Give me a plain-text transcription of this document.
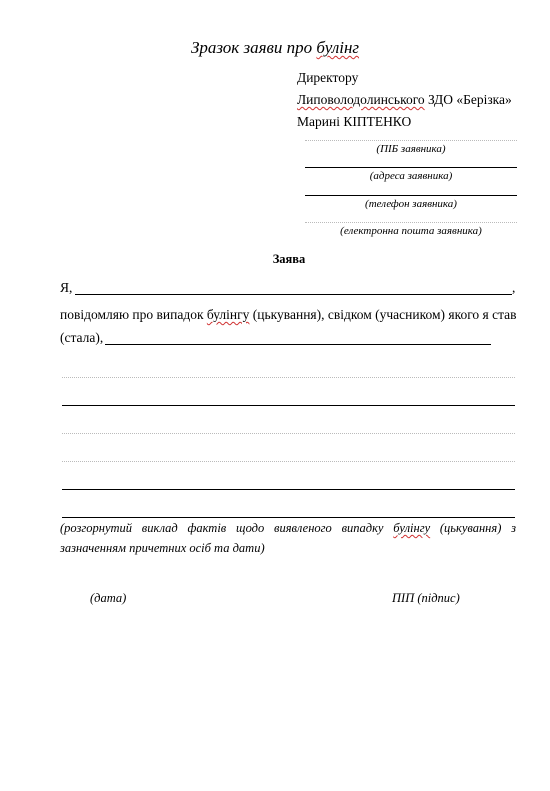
Зразок заяви про булінг
Директору
Липоволодолинського ЗДО «Берізка»
Марині КІПТЕНКО
(ПІБ заявника)
(адреса заявника)
(телефон заявника)
(електронна пошта заявника)
Заява
Я,	,
повідомляю про випадок булінгу (цькування), свідком (учасником) якого я став
(стала),
(розгорнутий виклад фактів щодо виявленого випадку булінгу (цькування) з зазначенням причетних осіб та дати)
(дата)	ПІП (підпис)
